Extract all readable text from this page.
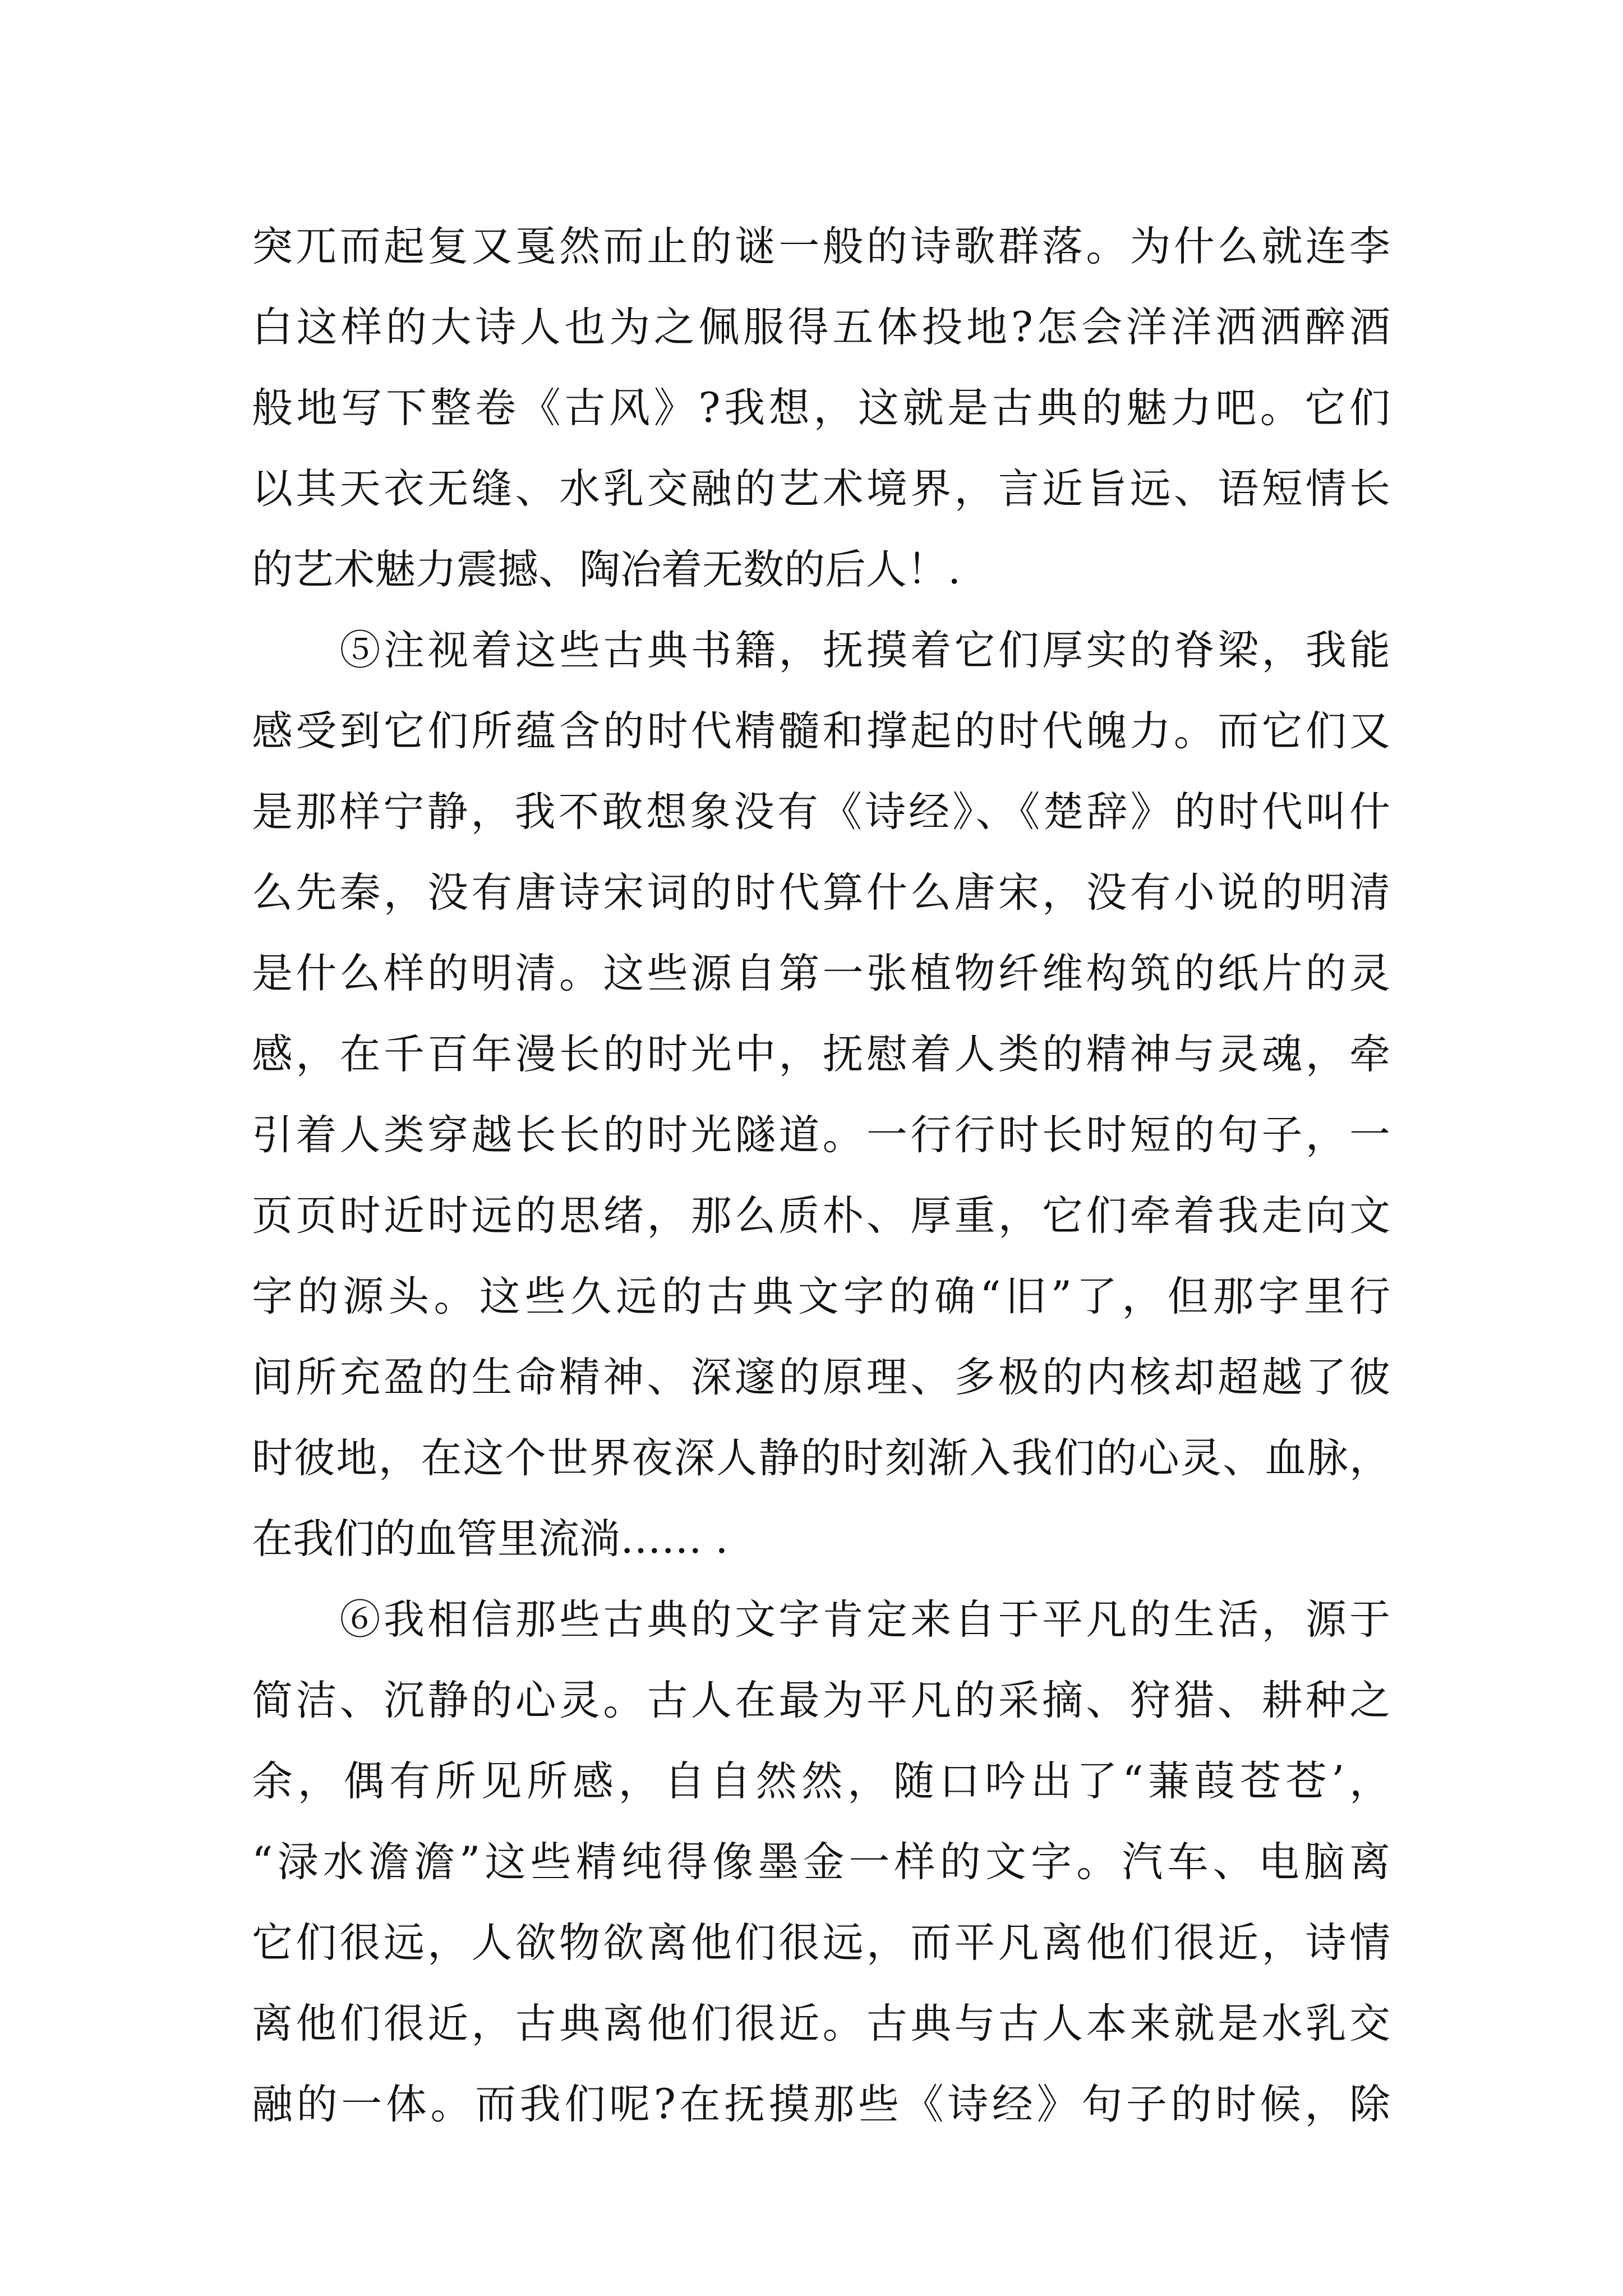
突兀而起复又戛然而止的谜一般的诗歌群落。为什么就连李
白这样的大诗人也为之佩服得五体投地?怎会洋洋洒洒醉酒
般地写下整卷《古风》?我想，这就是古典的魅力吧。它们
以其天衣无缝、水乳交融的艺术境界，言近旨远、语短情长
的艺术魅力震撼、陶冶着无数的后人！.
　　⑤注视着这些古典书籍，抚摸着它们厚实的脊梁，我能
感受到它们所蕴含的时代精髓和撑起的时代魄力。而它们又
是那样宁静，我不敢想象没有《诗经》、《楚辞》的时代叫什
么先秦，没有唐诗宋词的时代算什么唐宋，没有小说的明清
是什么样的明清。这些源自第一张植物纤维构筑的纸片的灵
感，在千百年漫长的时光中，抚慰着人类的精神与灵魂，牵
引着人类穿越长长的时光隧道。一行行时长时短的句子，一
页页时近时远的思绪，那么质朴、厚重，它们牵着我走向文
字的源头。这些久远的古典文字的确“旧”了，但那字里行
间所充盈的生命精神、深邃的原理、多极的内核却超越了彼
时彼地，在这个世界夜深人静的时刻渐入我们的心灵、血脉，
在我们的血管里流淌…… .
　　⑥我相信那些古典的文字肯定来自于平凡的生活，源于
简洁、沉静的心灵。古人在最为平凡的采摘、狩猎、耕种之
余，偶有所见所感，自自然然，随口吟出了“蒹葭苍苍’，
“渌水澹澹”这些精纯得像墨金一样的文字。汽车、电脑离
它们很远，人欲物欲离他们很远，而平凡离他们很近，诗情
离他们很近，古典离他们很近。古典与古人本来就是水乳交
融的一体。而我们呢?在抚摸那些《诗经》句子的时候，除
